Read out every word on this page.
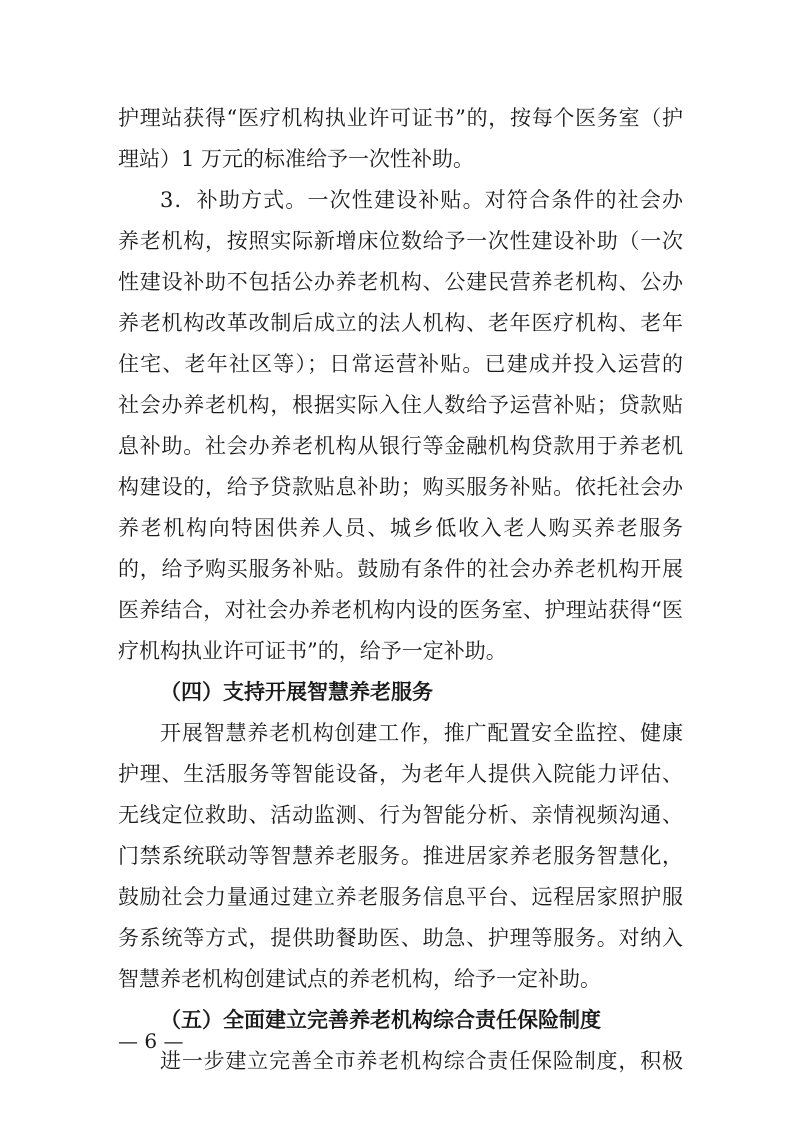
护理站获得“医疗机构执业许可证书”的，按每个医务室（护
理站）1 万元的标准给予一次性补助。
3．补助方式。一次性建设补贴。对符合条件的社会办
养老机构，按照实际新增床位数给予一次性建设补助（一次
性建设补助不包括公办养老机构、公建民营养老机构、公办
养老机构改革改制后成立的法人机构、老年医疗机构、老年
住宅、老年社区等）；日常运营补贴。已建成并投入运营的
社会办养老机构，根据实际入住人数给予运营补贴；贷款贴
息补助。社会办养老机构从银行等金融机构贷款用于养老机
构建设的，给予贷款贴息补助；购买服务补贴。依托社会办
养老机构向特困供养人员、城乡低收入老人购买养老服务
的，给予购买服务补贴。鼓励有条件的社会办养老机构开展
医养结合，对社会办养老机构内设的医务室、护理站获得“医
疗机构执业许可证书”的，给予一定补助。
（四）支持开展智慧养老服务
开展智慧养老机构创建工作，推广配置安全监控、健康
护理、生活服务等智能设备，为老年人提供入院能力评估、
无线定位救助、活动监测、行为智能分析、亲情视频沟通、
门禁系统联动等智慧养老服务。推进居家养老服务智慧化，
鼓励社会力量通过建立养老服务信息平台、远程居家照护服
务系统等方式，提供助餐助医、助急、护理等服务。对纳入
智慧养老机构创建试点的养老机构，给予一定补助。
（五）全面建立完善养老机构综合责任保险制度
进一步建立完善全市养老机构综合责任保险制度，积极
— 6 —
